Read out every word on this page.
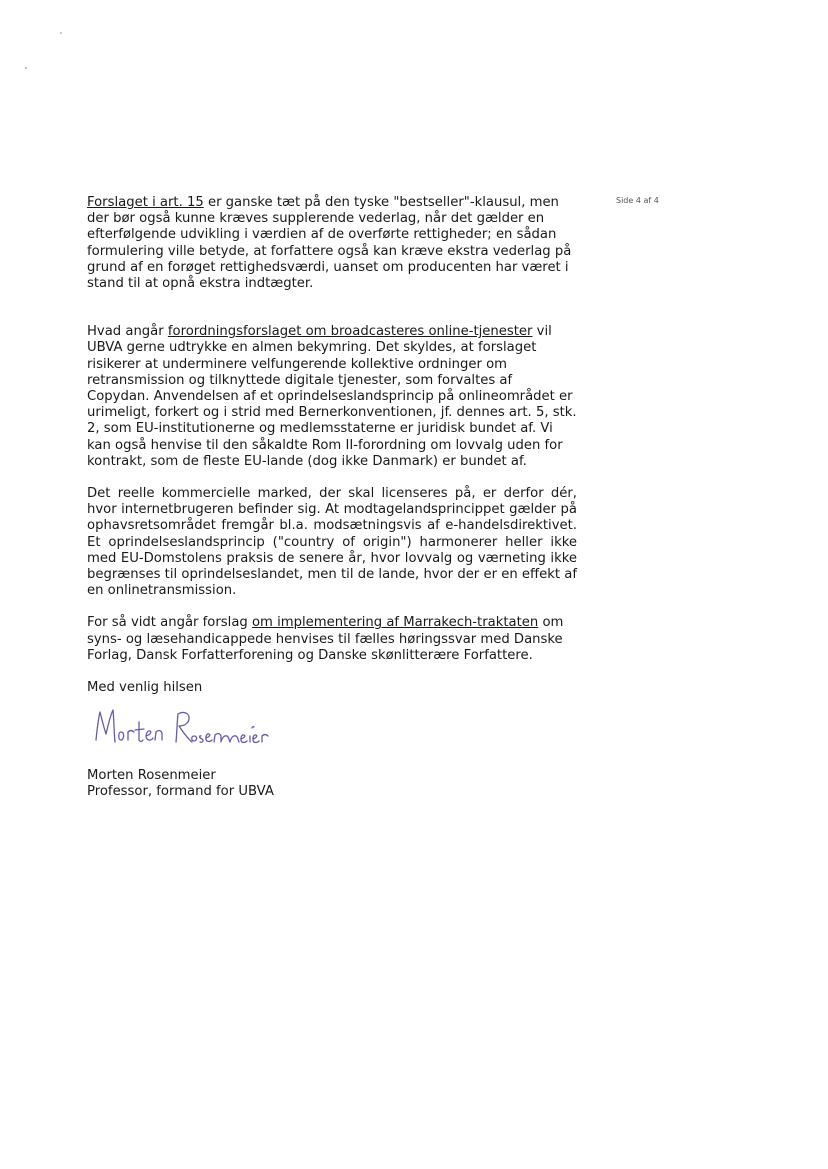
Side 4 af 4

Forslaget i art. 15 er ganske tæt på den tyske "bestseller"-klausul, men der bør også kunne kræves supplerende vederlag, når det gælder en efterfølgende udvikling i værdien af de overførte rettigheder; en sådan formulering ville betyde, at forfattere også kan kræve ekstra vederlag på grund af en forøget rettighedsværdi, uanset om producenten har været i stand til at opnå ekstra indtægter.

Hvad angår forordningsforslaget om broadcasteres online-tjenester vil UBVA gerne udtrykke en almen bekymring. Det skyldes, at forslaget risikerer at underminere velfungerende kollektive ordninger om retransmission og tilknyttede digitale tjenester, som forvaltes af Copydan. Anvendelsen af et oprindelseslandsprincip på onlineområdet er urimeligt, forkert og i strid med Bernerkonventionen, jf. dennes art. 5, stk. 2, som EU-institutionerne og medlemsstaterne er juridisk bundet af. Vi kan også henvise til den såkaldte Rom II-forordning om lovvalg uden for kontrakt, som de fleste EU-lande (dog ikke Danmark) er bundet af.

Det reelle kommercielle marked, der skal licenseres på, er derfor dér, hvor internetbrugeren befinder sig. At modtagelandsprincippet gælder på ophavsretsområdet fremgår bl.a. modsætningsvis af e-handelsdirektivet. Et oprindelseslandsprincip ("country of origin") harmonerer heller ikke med EU-Domstolens praksis de senere år, hvor lovvalg og værneting ikke begrænses til oprindelseslandet, men til de lande, hvor der er en effekt af en onlinetransmission.

For så vidt angår forslag om implementering af Marrakech-traktaten om syns- og læsehandicappede henvises til fælles høringssvar med Danske Forlag, Dansk Forfatterforening og Danske skønlitterære Forfattere.

Med venlig hilsen

Morten Rosenmeier
Professor, formand for UBVA
